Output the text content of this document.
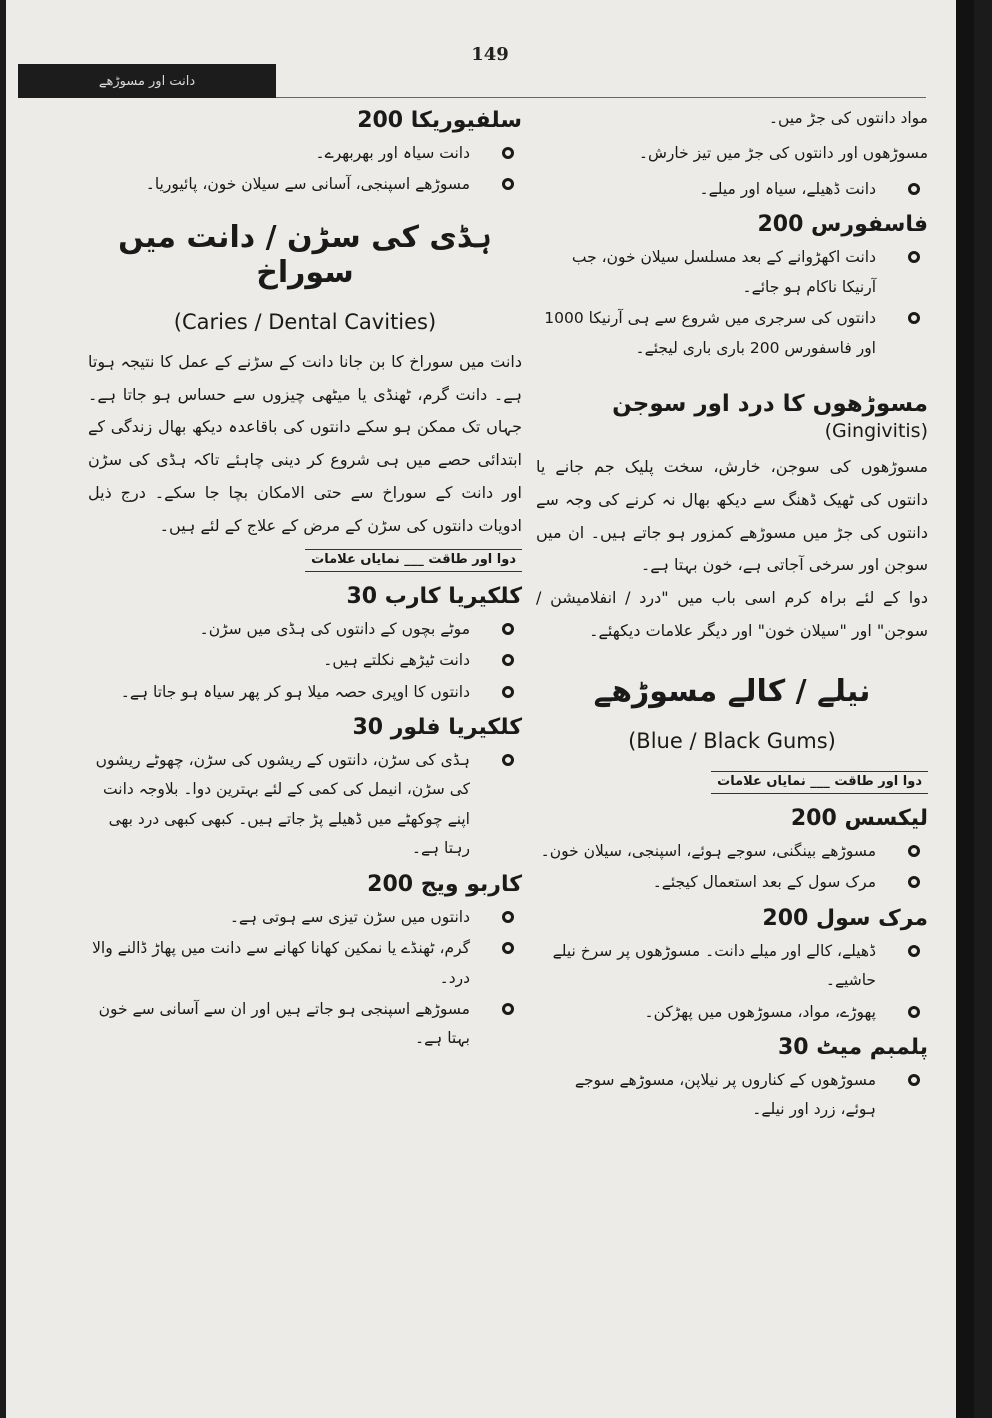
149
دانت اور مسوڑھے
مواد دانتوں کی جڑ میں۔
مسوڑھوں اور دانتوں کی جڑ میں تیز خارش۔
دانت ڈھیلے، سیاہ اور میلے۔
فاسفورس 200
دانت اکھڑوانے کے بعد مسلسل سیلان خون، جب آرنیکا ناکام ہو جائے۔
دانتوں کی سرجری میں شروع سے ہی آرنیکا 1000 اور فاسفورس 200 باری باری لیجئے۔
مسوڑھوں کا درد اور سوجن (Gingivitis)

مسوڑھوں کی سوجن، خارش، سخت پلیک جم جانے یا دانتوں کی ٹھیک ڈھنگ سے دیکھ بھال نہ کرنے کی وجہ سے دانتوں کی جڑ میں مسوڑھے کمزور ہو جاتے ہیں۔ ان میں سوجن اور سرخی آجاتی ہے، خون بہتا ہے۔

دوا کے لئے براہ کرم اسی باب میں "درد / انفلامیشن / سوجن" اور "سیلان خون" اور دیگر علامات دیکھئے۔

نیلے / کالے مسوڑھے
(Blue / Black Gums)
دوا اور طاقت ___ نمایاں علامات
لیکسس 200
مسوڑھے بینگنی، سوجے ہوئے، اسپنجی، سیلان خون۔
مرک سول کے بعد استعمال کیجئے۔
مرک سول 200
ڈھیلے، کالے اور میلے دانت۔ مسوڑھوں پر سرخ نیلے حاشیے۔
پھوڑے، مواد، مسوڑھوں میں پھڑکن۔
پلمبم میٹ 30
مسوڑھوں کے کناروں پر نیلاپن، مسوڑھے سوجے ہوئے، زرد اور نیلے۔
سلفیوریکا 200
دانت سیاہ اور بھربھرے۔
مسوڑھے اسپنجی، آسانی سے سیلان خون، پائیوریا۔
ہڈی کی سڑن / دانت میں سوراخ
(Caries / Dental Cavities)

دانت میں سوراخ کا بن جانا دانت کے سڑنے کے عمل کا نتیجہ ہوتا ہے۔ دانت گرم، ٹھنڈی یا میٹھی چیزوں سے حساس ہو جاتا ہے۔ جہاں تک ممکن ہو سکے دانتوں کی باقاعدہ دیکھ بھال زندگی کے ابتدائی حصے میں ہی شروع کر دینی چاہئے تاکہ ہڈی کی سڑن اور دانت کے سوراخ سے حتی الامکان بچا جا سکے۔ درج ذیل ادویات دانتوں کی سڑن کے مرض کے علاج کے لئے ہیں۔

دوا اور طاقت ___ نمایاں علامات
کلکیریا کارب 30
موٹے بچوں کے دانتوں کی ہڈی میں سڑن۔
دانت ٹیڑھے نکلتے ہیں۔
دانتوں کا اوپری حصہ میلا ہو کر پھر سیاہ ہو جاتا ہے۔
کلکیریا فلور 30
ہڈی کی سڑن، دانتوں کے ریشوں کی سڑن، چھوٹے ریشوں کی سڑن، انیمل کی کمی کے لئے بہترین دوا۔ بلاوجہ دانت اپنے چوکھٹے میں ڈھیلے پڑ جاتے ہیں۔ کبھی کبھی درد بھی رہتا ہے۔
کاربو ویج 200
دانتوں میں سڑن تیزی سے ہوتی ہے۔
گرم، ٹھنڈے یا نمکین کھانا کھانے سے دانت میں پھاڑ ڈالنے والا درد۔
مسوڑھے اسپنجی ہو جاتے ہیں اور ان سے آسانی سے خون بہتا ہے۔
